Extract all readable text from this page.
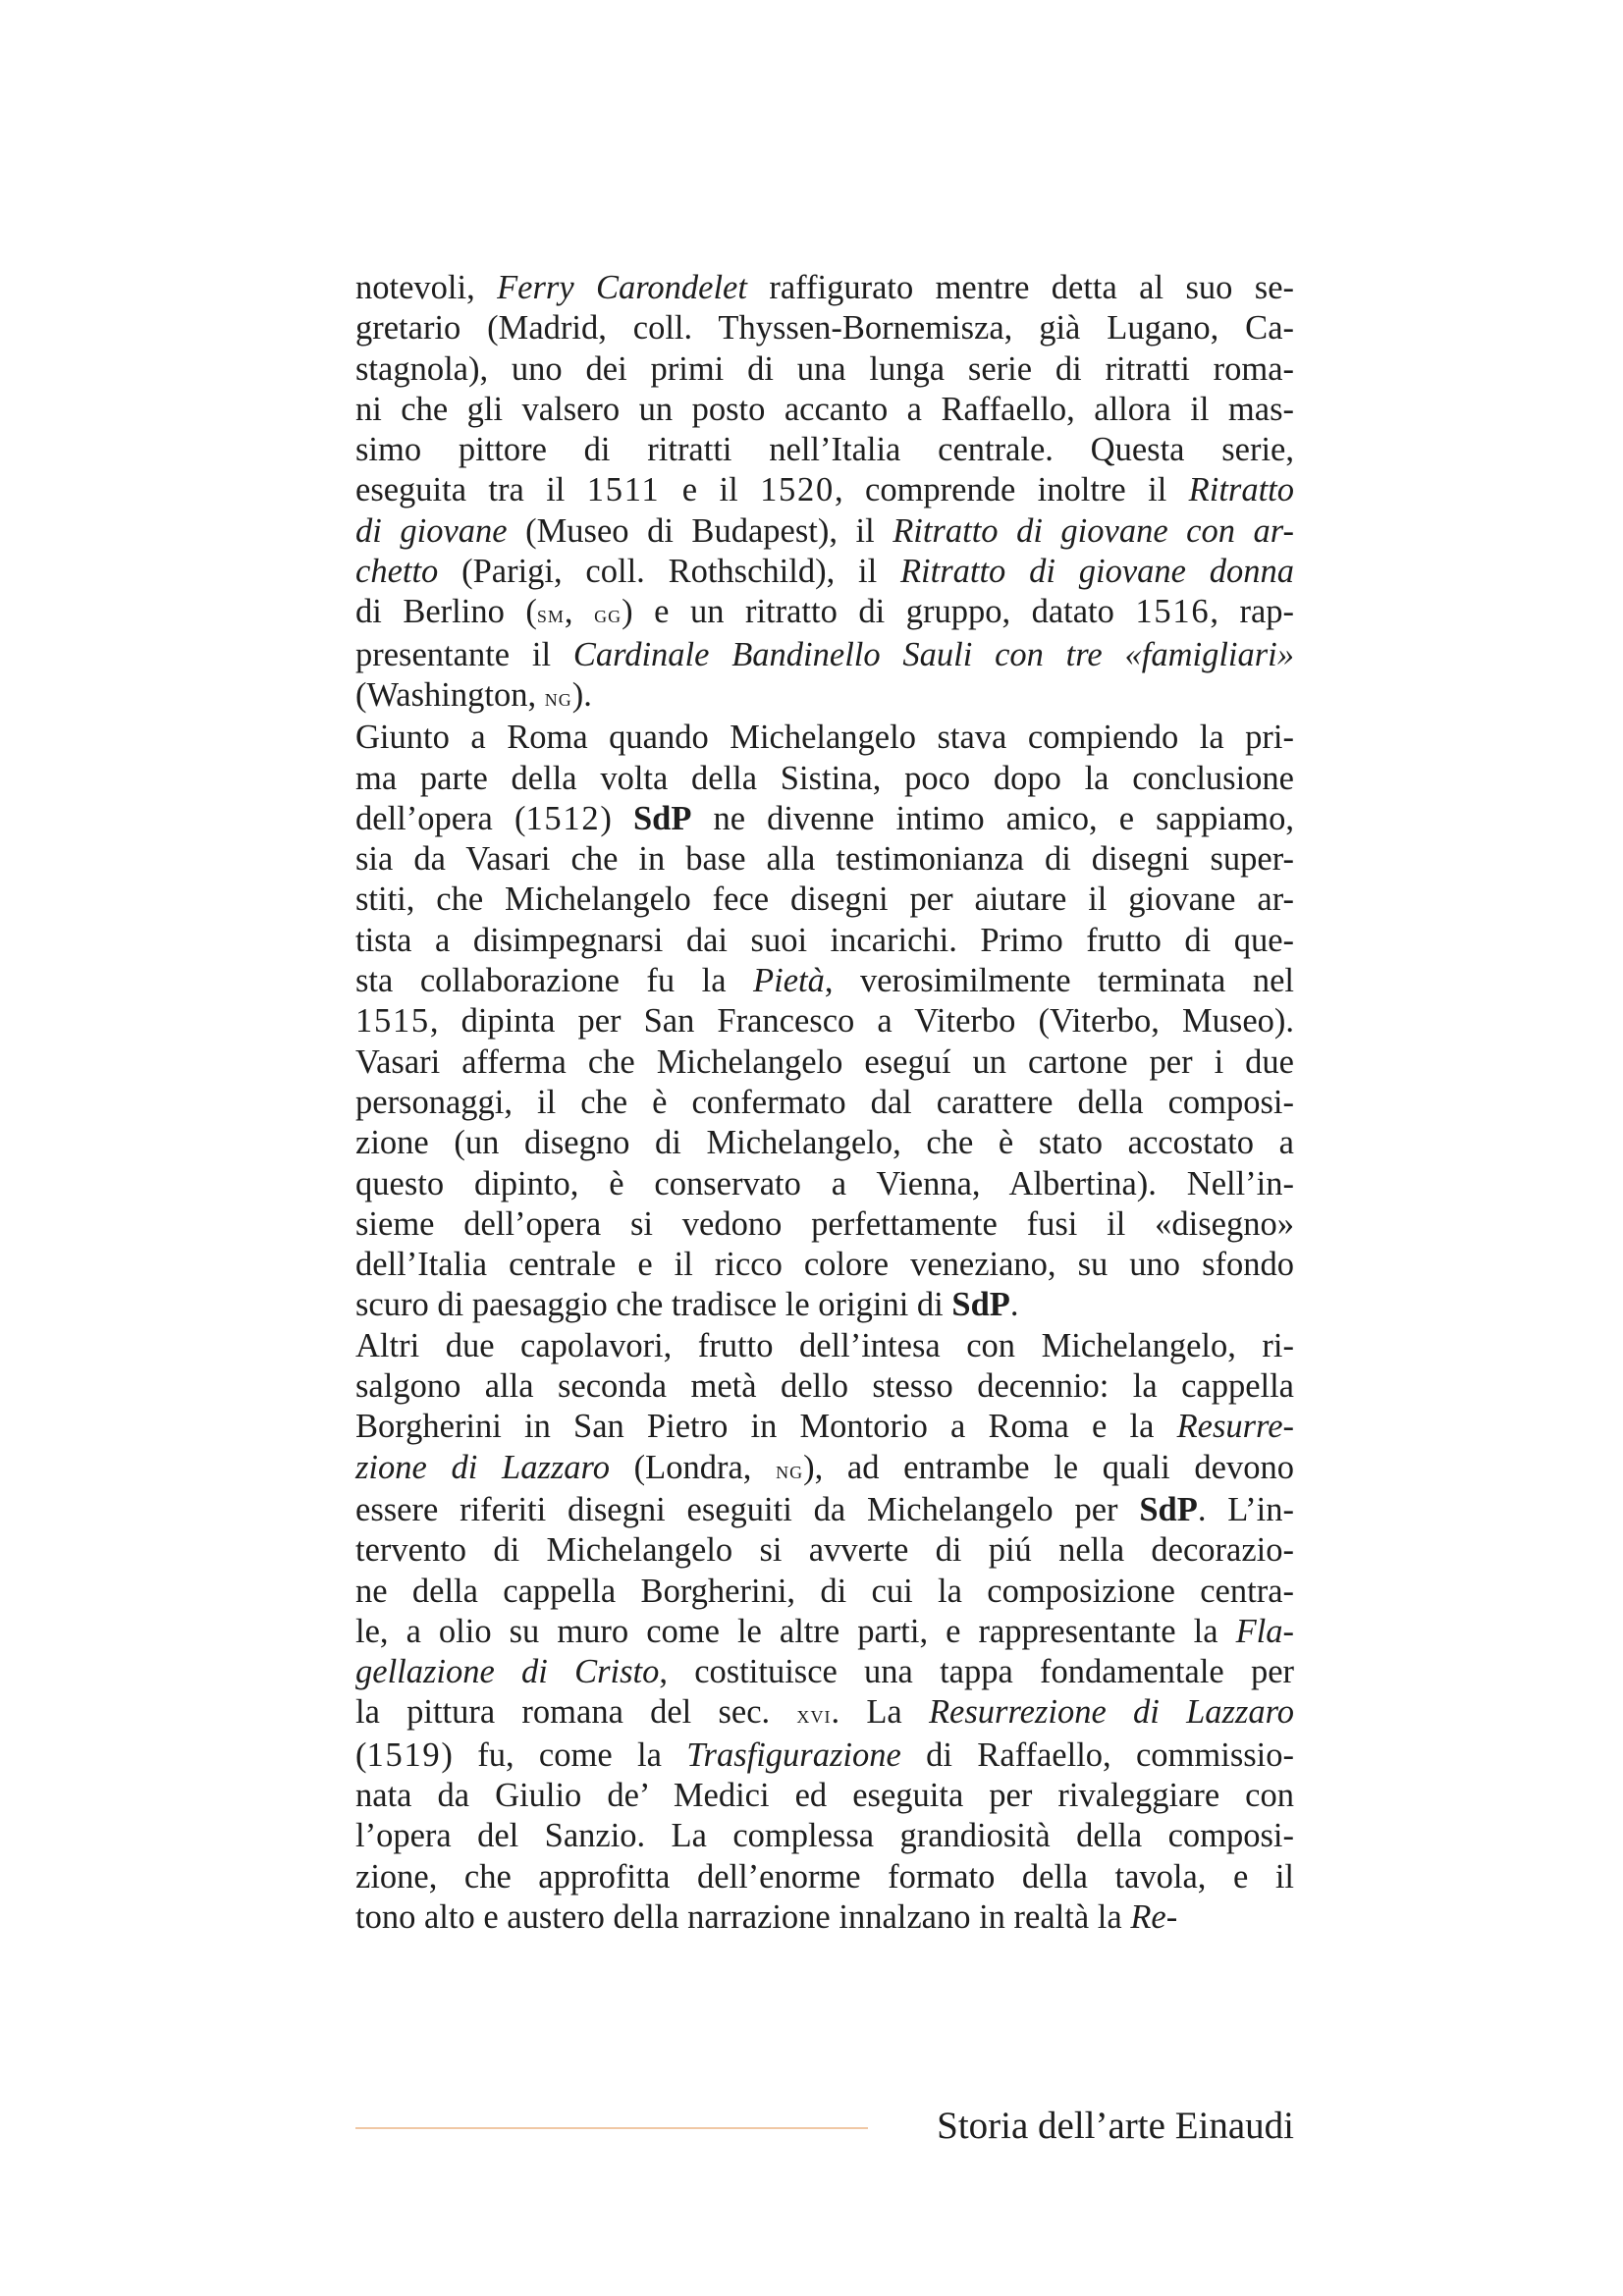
notevoli, Ferry Carondelet raffigurato mentre detta al suo se-
gretario (Madrid, coll. Thyssen-Bornemisza, già Lugano, Ca-
stagnola), uno dei primi di una lunga serie di ritratti roma-
ni che gli valsero un posto accanto a Raffaello, allora il mas-
simo pittore di ritratti nell’Italia centrale. Questa serie,
eseguita tra il 1511 e il 1520, comprende inoltre il Ritratto
di giovane (Museo di Budapest), il Ritratto di giovane con ar-
chetto (Parigi, coll. Rothschild), il Ritratto di giovane donna
di Berlino (sm, gg) e un ritratto di gruppo, datato 1516, rap-
presentante il Cardinale Bandinello Sauli con tre «famigliari»
(Washington, ng).
Giunto a Roma quando Michelangelo stava compiendo la pri-
ma parte della volta della Sistina, poco dopo la conclusione
dell’opera (1512) SdP ne divenne intimo amico, e sappiamo,
sia da Vasari che in base alla testimonianza di disegni super-
stiti, che Michelangelo fece disegni per aiutare il giovane ar-
tista a disimpegnarsi dai suoi incarichi. Primo frutto di que-
sta collaborazione fu la Pietà, verosimilmente terminata nel
1515, dipinta per San Francesco a Viterbo (Viterbo, Museo).
Vasari afferma che Michelangelo eseguí un cartone per i due
personaggi, il che è confermato dal carattere della composi-
zione (un disegno di Michelangelo, che è stato accostato a
questo dipinto, è conservato a Vienna, Albertina). Nell’in-
sieme dell’opera si vedono perfettamente fusi il «disegno»
dell’Italia centrale e il ricco colore veneziano, su uno sfondo
scuro di paesaggio che tradisce le origini di SdP.
Altri due capolavori, frutto dell’intesa con Michelangelo, ri-
salgono alla seconda metà dello stesso decennio: la cappella
Borgherini in San Pietro in Montorio a Roma e la Resurre-
zione di Lazzaro (Londra, ng), ad entrambe le quali devono
essere riferiti disegni eseguiti da Michelangelo per SdP. L’in-
tervento di Michelangelo si avverte di piú nella decorazio-
ne della cappella Borgherini, di cui la composizione centra-
le, a olio su muro come le altre parti, e rappresentante la Fla-
gellazione di Cristo, costituisce una tappa fondamentale per
la pittura romana del sec. xvi. La Resurrezione di Lazzaro
(1519) fu, come la Trasfigurazione di Raffaello, commissio-
nata da Giulio de’ Medici ed eseguita per rivaleggiare con
l’opera del Sanzio. La complessa grandiosità della composi-
zione, che approfitta dell’enorme formato della tavola, e il
tono alto e austero della narrazione innalzano in realtà la Re-
Storia dell’arte Einaudi
